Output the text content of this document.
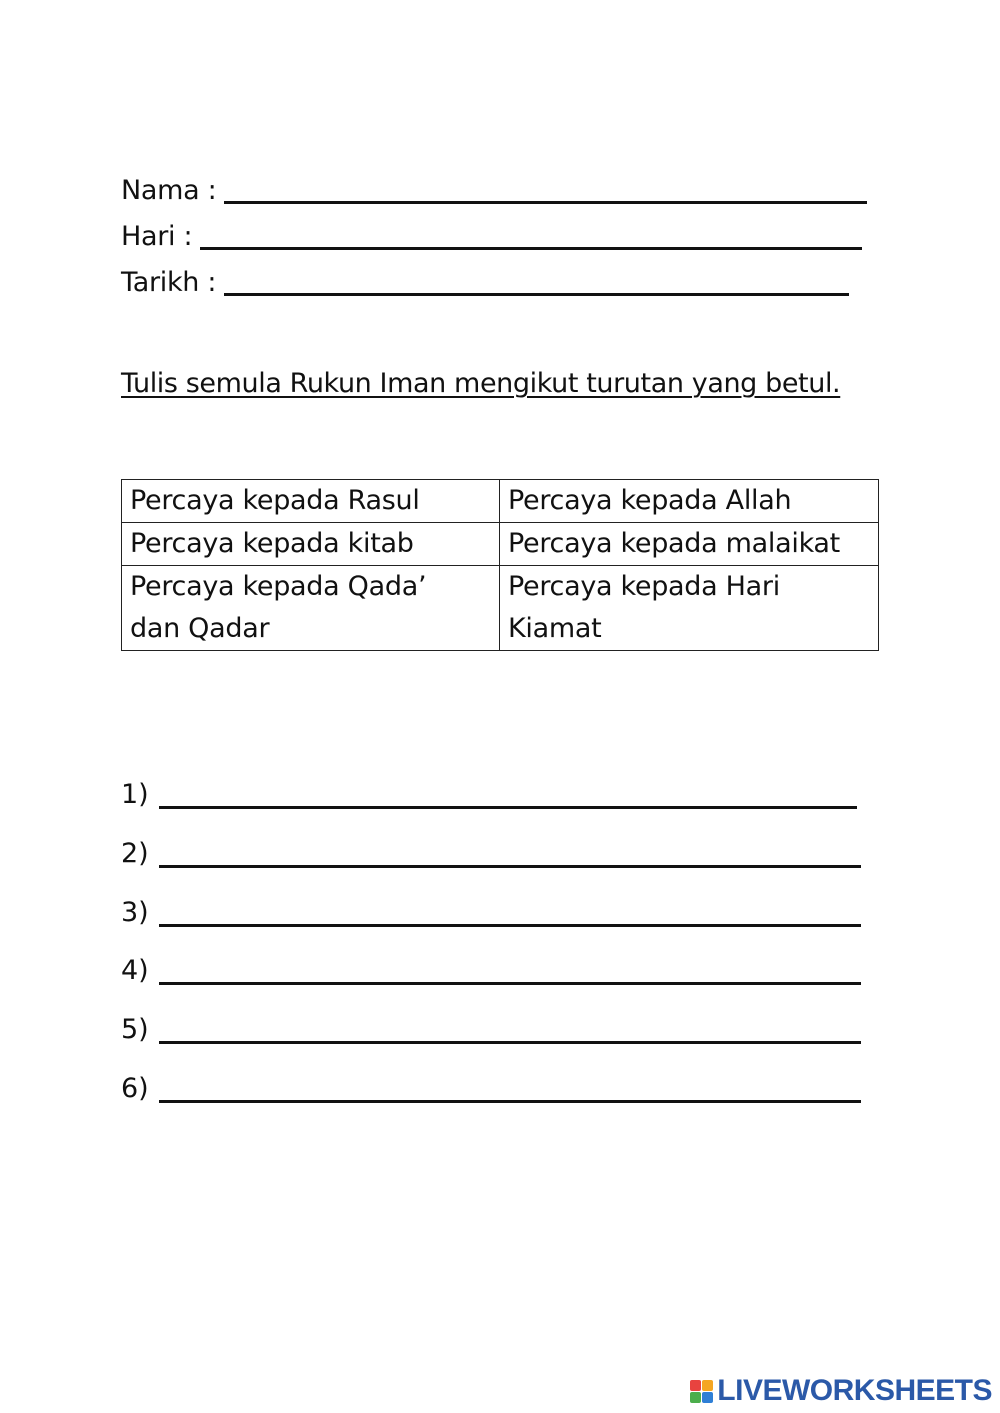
Nama :
Hari :
Tarikh :
Tulis semula Rukun Iman mengikut turutan yang betul.
Percaya kepada Rasul	Percaya kepada Allah
Percaya kepada kitab	Percaya kepada malaikat
Percaya kepada Qada’ dan Qadar	Percaya kepada Hari Kiamat
1)
2)
3)
4)
5)
6)
LIVEWORKSHEETS
